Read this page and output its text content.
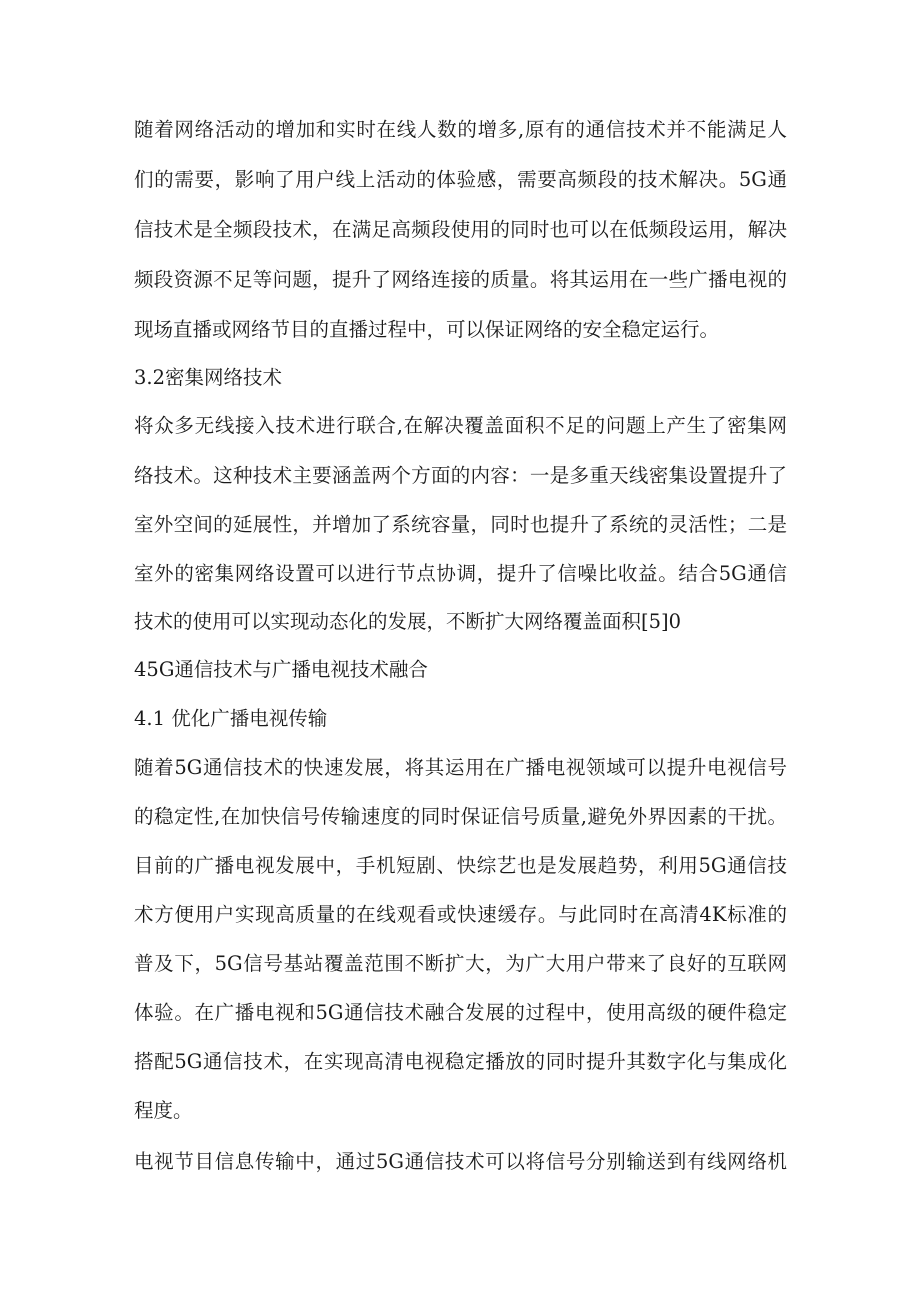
随着网络活动的增加和实时在线人数的增多,原有的通信技术并不能满足人
们的需要，影响了用户线上活动的体验感，需要高频段的技术解决。5G通
信技术是全频段技术，在满足高频段使用的同时也可以在低频段运用，解决
频段资源不足等问题，提升了网络连接的质量。将其运用在一些广播电视的
现场直播或网络节目的直播过程中，可以保证网络的安全稳定运行。
3.2密集网络技术
将众多无线接入技术进行联合,在解决覆盖面积不足的问题上产生了密集网
络技术。这种技术主要涵盖两个方面的内容：一是多重天线密集设置提升了
室外空间的延展性，并增加了系统容量，同时也提升了系统的灵活性；二是
室外的密集网络设置可以进行节点协调，提升了信噪比收益。结合5G通信
技术的使用可以实现动态化的发展，不断扩大网络覆盖面积[5]0
45G通信技术与广播电视技术融合
4.1 优化广播电视传输
随着5G通信技术的快速发展，将其运用在广播电视领域可以提升电视信号
的稳定性,在加快信号传输速度的同时保证信号质量,避免外界因素的干扰。
目前的广播电视发展中，手机短剧、快综艺也是发展趋势，利用5G通信技
术方便用户实现高质量的在线观看或快速缓存。与此同时在高清4K标准的
普及下，5G信号基站覆盖范围不断扩大，为广大用户带来了良好的互联网
体验。在广播电视和5G通信技术融合发展的过程中，使用高级的硬件稳定
搭配5G通信技术，在实现高清电视稳定播放的同时提升其数字化与集成化
程度。
电视节目信息传输中，通过5G通信技术可以将信号分别输送到有线网络机
